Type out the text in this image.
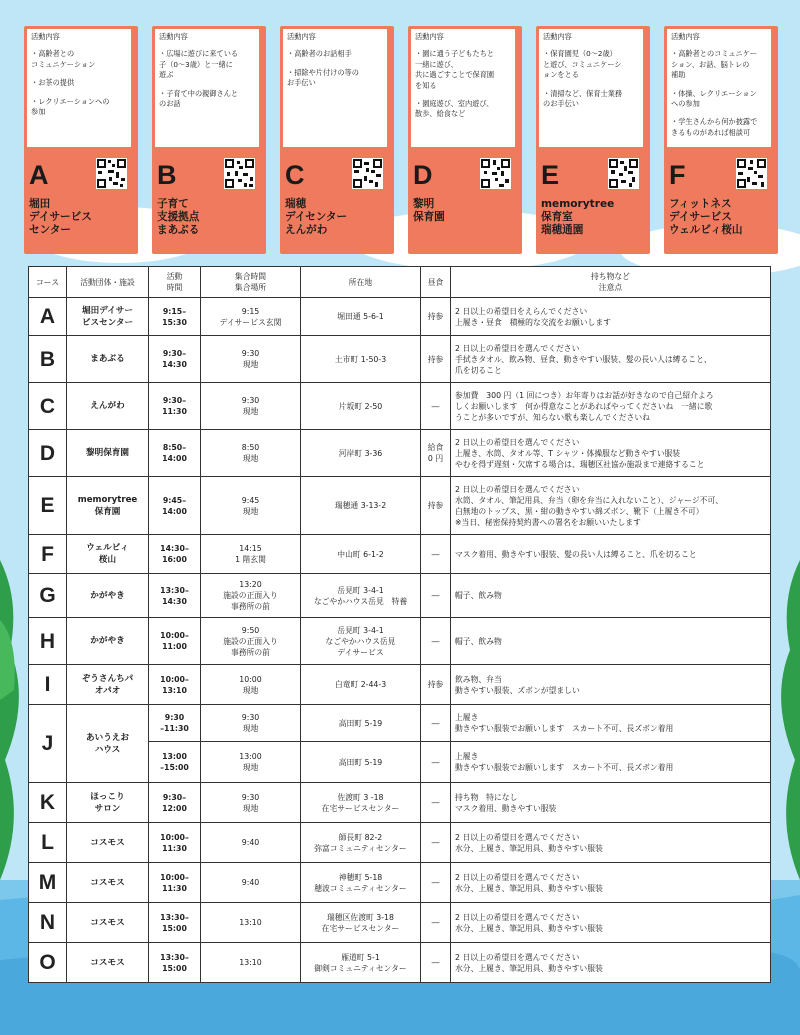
活動内容
・高齢者との
コミュニケーション
・お茶の提供
・レクリエーションへの
参加
A
堀田
デイサービス
センター
活動内容
・広場に遊びに来ている
子（0～3歳）と一緒に
遊ぶ
・子育て中の親御さんと
のお話
B
子育て
支援拠点
まあぶる
活動内容
・高齢者のお話相手
・掃除や片付けの等の
お手伝い
C
瑞穂
デイセンター
えんがわ
活動内容
・園に通う子どもたちと
一緒に遊び、
共に過ごすことで保育園
を知る
・園庭遊び、室内遊び、
散歩、給食など
D
黎明
保育園
活動内容
・保育園児（0～2歳）
と遊び、コミュニケーシ
ョンをとる
・清掃など、保育士業務
のお手伝い
E
memorytree
保育室
瑞穂通園
活動内容
・高齢者とのコミュニケー
ション、お話、脳トレの
補助
・体操、レクリエーション
への参加
・学生さんから何か披露で
きるものがあれば相談可
F
フィットネス
デイサービス
ウェルビィ桜山
コース	活動団体・施設	活動
時間	集合時間
集合場所	所在地	昼食	持ち物など
注意点
A	堀田デイサー
ビスセンター	9:15–
15:30	9:15
デイサービス玄関	堀田通 5-6-1	持参	2 日以上の希望日をえらんでください
上履き・昼食　積極的な交流をお願いします
B	まあぶる	9:30–
14:30	9:30
現地	土市町 1-50-3	持参	2 日以上の希望日を選んでください
手拭きタオル、飲み物、昼食、動きやすい服装、髪の長い人は縛ること、
爪を切ること
C	えんがわ	9:30–
11:30	9:30
現地	片坂町 2-50	―	参加費　300 円（1 回につき）お年寄りはお話が好きなので自己紹介よろ
しくお願いします　何か得意なことがあればやってくださいね　一緒に歌
うことが多いですが、知らない歌も楽しんでくださいね
D	黎明保育園	8:50–
14:00	8:50
現地	河岸町 3-36	給食
0 円	2 日以上の希望日を選んでください
上履き、水筒、タオル等、T シャツ・体操服など動きやすい服装
やむを得ず遅刻・欠席する場合は、瑞穂区社協か施設まで連絡すること
E	memorytree
保育園	9:45–
14:00	9:45
現地	瑞穂通 3-13-2	持参	2 日以上の希望日を選んでください
水筒、タオル、筆記用具、弁当（卵を弁当に入れないこと）、ジャージ不可、
白無地のトップス、黒・紺の動きやすい綿ズボン、靴下（上履き不可）
※当日、秘密保持契約書への署名をお願いいたします
F	ウェルビィ
桜山	14:30–
16:00	14:15
1 階玄関	中山町 6-1-2	―	マスク着用、動きやすい服装、髪の長い人は縛ること、爪を切ること
G	かがやき	13:30–
14:30	13:20
施設の正面入り
事務所の前	岳見町 3-4-1
なごやかハウス岳見　特養	―	帽子、飲み物
H	かがやき	10:00–
11:00	9:50
施設の正面入り
事務所の前	岳見町 3-4-1
なごやかハウス岳見
デイサービス	―	帽子、飲み物
I	ぞうさんちパ
オパオ	10:00–
13:10	10:00
現地	白竜町 2-44-3	持参	飲み物、弁当
動きやすい服装、ズボンが望ましい
J	あいうえお
ハウス	9:30
–11:30	9:30
現地	高田町 5-19	―	上履き
動きやすい服装でお願いします　スカート不可、長ズボン着用
		13:00
–15:00	13:00
現地	高田町 5-19	―	上履き
動きやすい服装でお願いします　スカート不可、長ズボン着用
K	ほっこり
サロン	9:30–
12:00	9:30
現地	佐渡町 3 -18
在宅サービスセンター	―	持ち物　特になし
マスク着用、動きやすい服装
L	コスモス	10:00–
11:30	9:40	師長町 82-2
弥富コミュニティセンター	―	2 日以上の希望日を選んでください
水分、上履き、筆記用具、動きやすい服装
M	コスモス	10:00–
11:30	9:40	神穂町 5-18
穂波コミュニティセンター	―	2 日以上の希望日を選んでください
水分、上履き、筆記用具、動きやすい服装
N	コスモス	13:30–
15:00	13:10	瑞穂区佐渡町 3-18
在宅サービスセンター	―	2 日以上の希望日を選んでください
水分、上履き、筆記用具、動きやすい服装
O	コスモス	13:30–
15:00	13:10	雁道町 5-1
御剣コミュニティセンター	―	2 日以上の希望日を選んでください
水分、上履き、筆記用具、動きやすい服装
